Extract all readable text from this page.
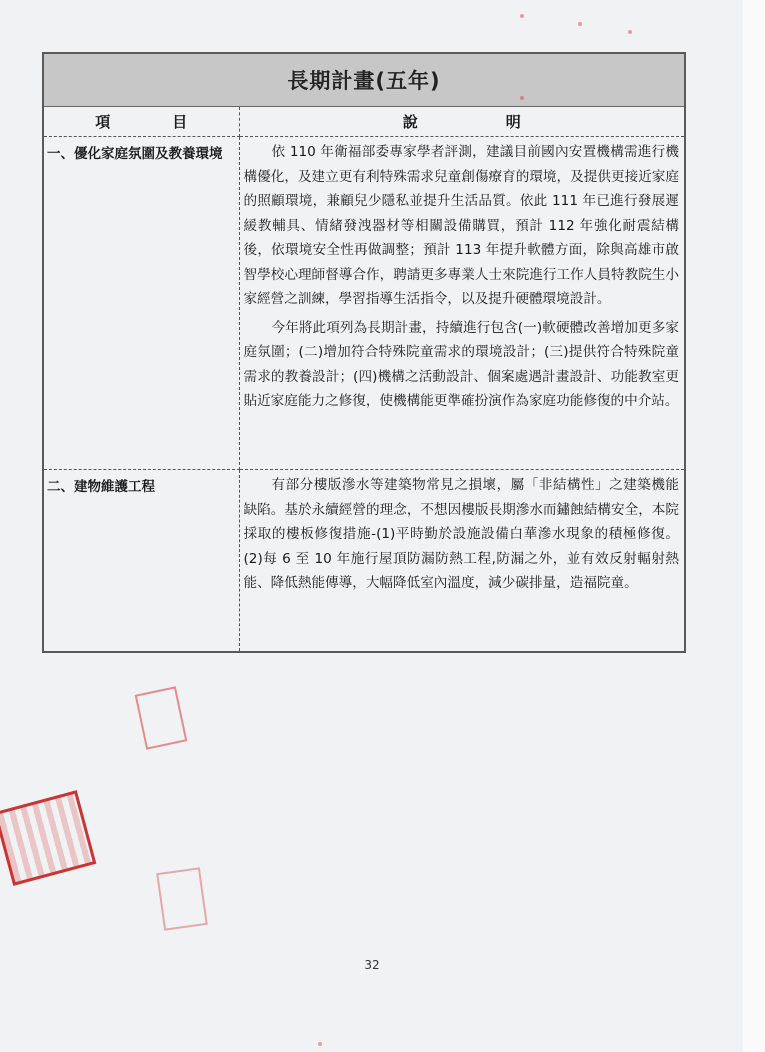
長期計畫(五年)	
項 目	說 明
一、優化家庭氛圍及教養環境	依 110 年衛福部委專家學者評測，建議目前國內安置機構需進行機構優化，及建立更有利特殊需求兒童創傷療育的環境，及提供更接近家庭的照顧環境，兼顧兒少隱私並提升生活品質。依此 111 年已進行發展遲緩教輔具、情緒發洩器材等相關設備購買，預計 112 年強化耐震結構後，依環境安全性再做調整；預計 113 年提升軟體方面，除與高雄市啟智學校心理師督導合作，聘請更多專業人士來院進行工作人員特教院生小家經營之訓練，學習指導生活指令，以及提升硬體環境設計。

今年將此項列為長期計畫，持續進行包含(一)軟硬體改善增加更多家庭氛圍；(二)增加符合特殊院童需求的環境設計；(三)提供符合特殊院童需求的教養設計；(四)機構之活動設計、個案處遇計畫設計、功能教室更貼近家庭能力之修復，使機構能更準確扮演作為家庭功能修復的中介站。

二、建物維護工程	有部分樓版滲水等建築物常見之損壞，屬「非結構性」之建築機能缺陷。基於永續經營的理念，不想因樓版長期滲水而鏽蝕結構安全，本院採取的樓板修復措施-(1)平時勤於設施設備白華滲水現象的積極修復。(2)每 6 至 10 年施行屋頂防漏防熱工程,防漏之外，並有效反射輻射熱能、降低熱能傳導，大幅降低室內溫度，減少碳排量，造福院童。

32
